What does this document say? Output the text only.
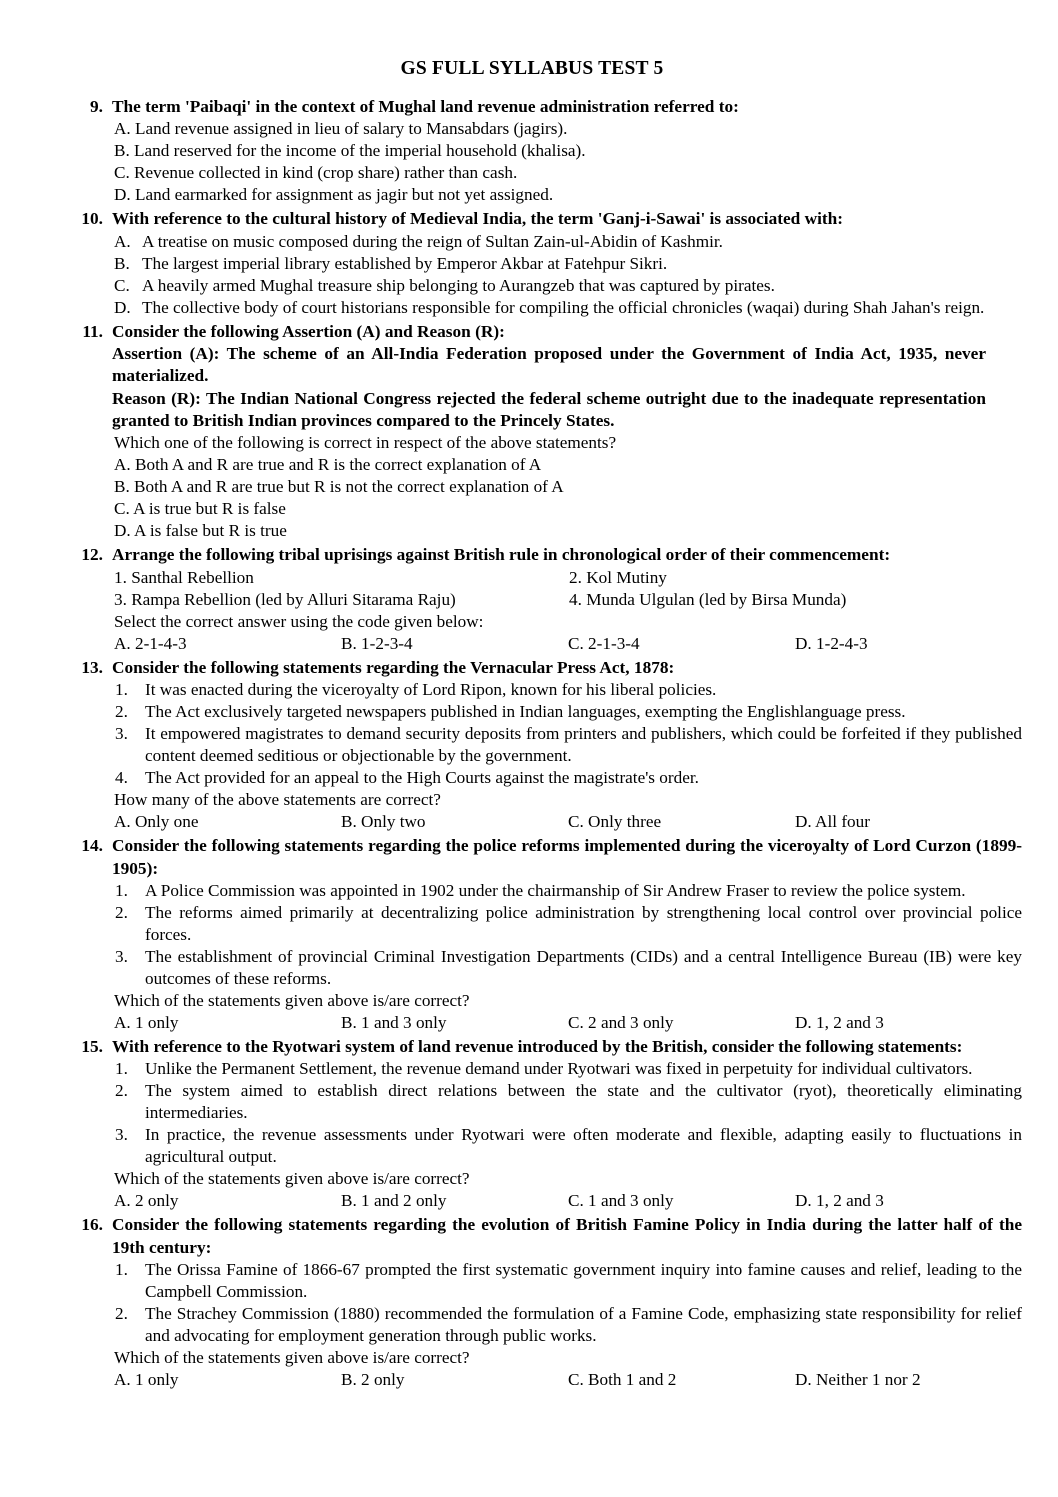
GS FULL SYLLABUS TEST 5
9. The term 'Paibaqi' in the context of Mughal land revenue administration referred to:
A. Land revenue assigned in lieu of salary to Mansabdars (jagirs).
B. Land reserved for the income of the imperial household (khalisa).
C. Revenue collected in kind (crop share) rather than cash.
D. Land earmarked for assignment as jagir but not yet assigned.
10. With reference to the cultural history of Medieval India, the term 'Ganj-i-Sawai' is associated with:
A. A treatise on music composed during the reign of Sultan Zain-ul-Abidin of Kashmir.
B. The largest imperial library established by Emperor Akbar at Fatehpur Sikri.
C. A heavily armed Mughal treasure ship belonging to Aurangzeb that was captured by pirates.
D. The collective body of court historians responsible for compiling the official chronicles (waqai) during Shah Jahan's reign.
11. Consider the following Assertion (A) and Reason (R):
Assertion (A): The scheme of an All-India Federation proposed under the Government of India Act, 1935, never materialized.
Reason (R): The Indian National Congress rejected the federal scheme outright due to the inadequate representation granted to British Indian provinces compared to the Princely States.
Which one of the following is correct in respect of the above statements?
A. Both A and R are true and R is the correct explanation of A
B. Both A and R are true but R is not the correct explanation of A
C. A is true but R is false
D. A is false but R is true
12. Arrange the following tribal uprisings against British rule in chronological order of their commencement:
1. Santhal Rebellion	2. Kol Mutiny
3. Rampa Rebellion (led by Alluri Sitarama Raju)	4. Munda Ulgulan (led by Birsa Munda)
Select the correct answer using the code given below:
A. 2-1-4-3	B. 1-2-3-4	C. 2-1-3-4	D. 1-2-4-3
13. Consider the following statements regarding the Vernacular Press Act, 1878:
1. It was enacted during the viceroyalty of Lord Ripon, known for his liberal policies.
2. The Act exclusively targeted newspapers published in Indian languages, exempting the Englishlanguage press.
3. It empowered magistrates to demand security deposits from printers and publishers, which could be forfeited if they published content deemed seditious or objectionable by the government.
4. The Act provided for an appeal to the High Courts against the magistrate's order.
How many of the above statements are correct?
A. Only one	B. Only two	C. Only three	D. All four
14. Consider the following statements regarding the police reforms implemented during the viceroyalty of Lord Curzon (1899-1905):
1. A Police Commission was appointed in 1902 under the chairmanship of Sir Andrew Fraser to review the police system.
2. The reforms aimed primarily at decentralizing police administration by strengthening local control over provincial police forces.
3. The establishment of provincial Criminal Investigation Departments (CIDs) and a central Intelligence Bureau (IB) were key outcomes of these reforms.
Which of the statements given above is/are correct?
A. 1 only	B. 1 and 3 only	C. 2 and 3 only	D. 1, 2 and 3
15. With reference to the Ryotwari system of land revenue introduced by the British, consider the following statements:
1. Unlike the Permanent Settlement, the revenue demand under Ryotwari was fixed in perpetuity for individual cultivators.
2. The system aimed to establish direct relations between the state and the cultivator (ryot), theoretically eliminating intermediaries.
3. In practice, the revenue assessments under Ryotwari were often moderate and flexible, adapting easily to fluctuations in agricultural output.
Which of the statements given above is/are correct?
A. 2 only	B. 1 and 2 only	C. 1 and 3 only	D. 1, 2 and 3
16. Consider the following statements regarding the evolution of British Famine Policy in India during the latter half of the 19th century:
1. The Orissa Famine of 1866-67 prompted the first systematic government inquiry into famine causes and relief, leading to the Campbell Commission.
2. The Strachey Commission (1880) recommended the formulation of a Famine Code, emphasizing state responsibility for relief and advocating for employment generation through public works.
Which of the statements given above is/are correct?
A. 1 only	B. 2 only	C. Both 1 and 2	D. Neither 1 nor 2
